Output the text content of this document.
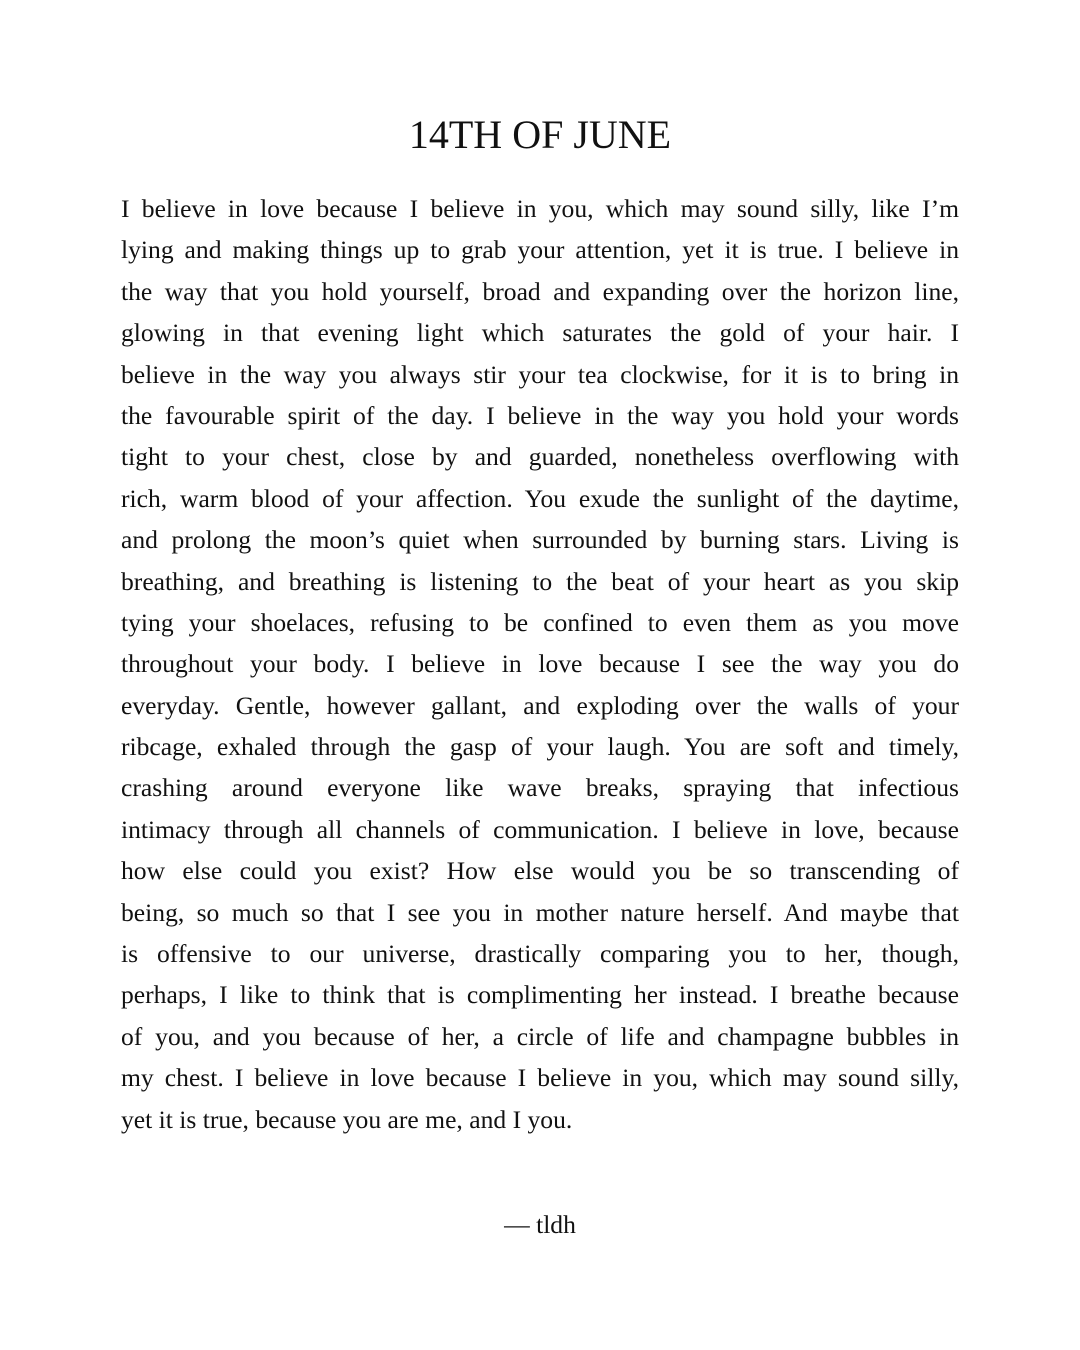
14TH OF JUNE
I believe in love because I believe in you, which may sound silly, like I’m
lying and making things up to grab your attention, yet it is true. I believe in
the way that you hold yourself, broad and expanding over the horizon line,
glowing in that evening light which saturates the gold of your hair. I
believe in the way you always stir your tea clockwise, for it is to bring in
the favourable spirit of the day. I believe in the way you hold your words
tight to your chest, close by and guarded, nonetheless overflowing with
rich, warm blood of your affection. You exude the sunlight of the daytime,
and prolong the moon’s quiet when surrounded by burning stars. Living is
breathing, and breathing is listening to the beat of your heart as you skip
tying your shoelaces, refusing to be confined to even them as you move
throughout your body. I believe in love because I see the way you do
everyday. Gentle, however gallant, and exploding over the walls of your
ribcage, exhaled through the gasp of your laugh. You are soft and timely,
crashing around everyone like wave breaks, spraying that infectious
intimacy through all channels of communication. I believe in love, because
how else could you exist? How else would you be so transcending of
being, so much so that I see you in mother nature herself. And maybe that
is offensive to our universe, drastically comparing you to her, though,
perhaps, I like to think that is complimenting her instead. I breathe because
of you, and you because of her, a circle of life and champagne bubbles in
my chest. I believe in love because I believe in you, which may sound silly,
yet it is true, because you are me, and I you.
— tldh
